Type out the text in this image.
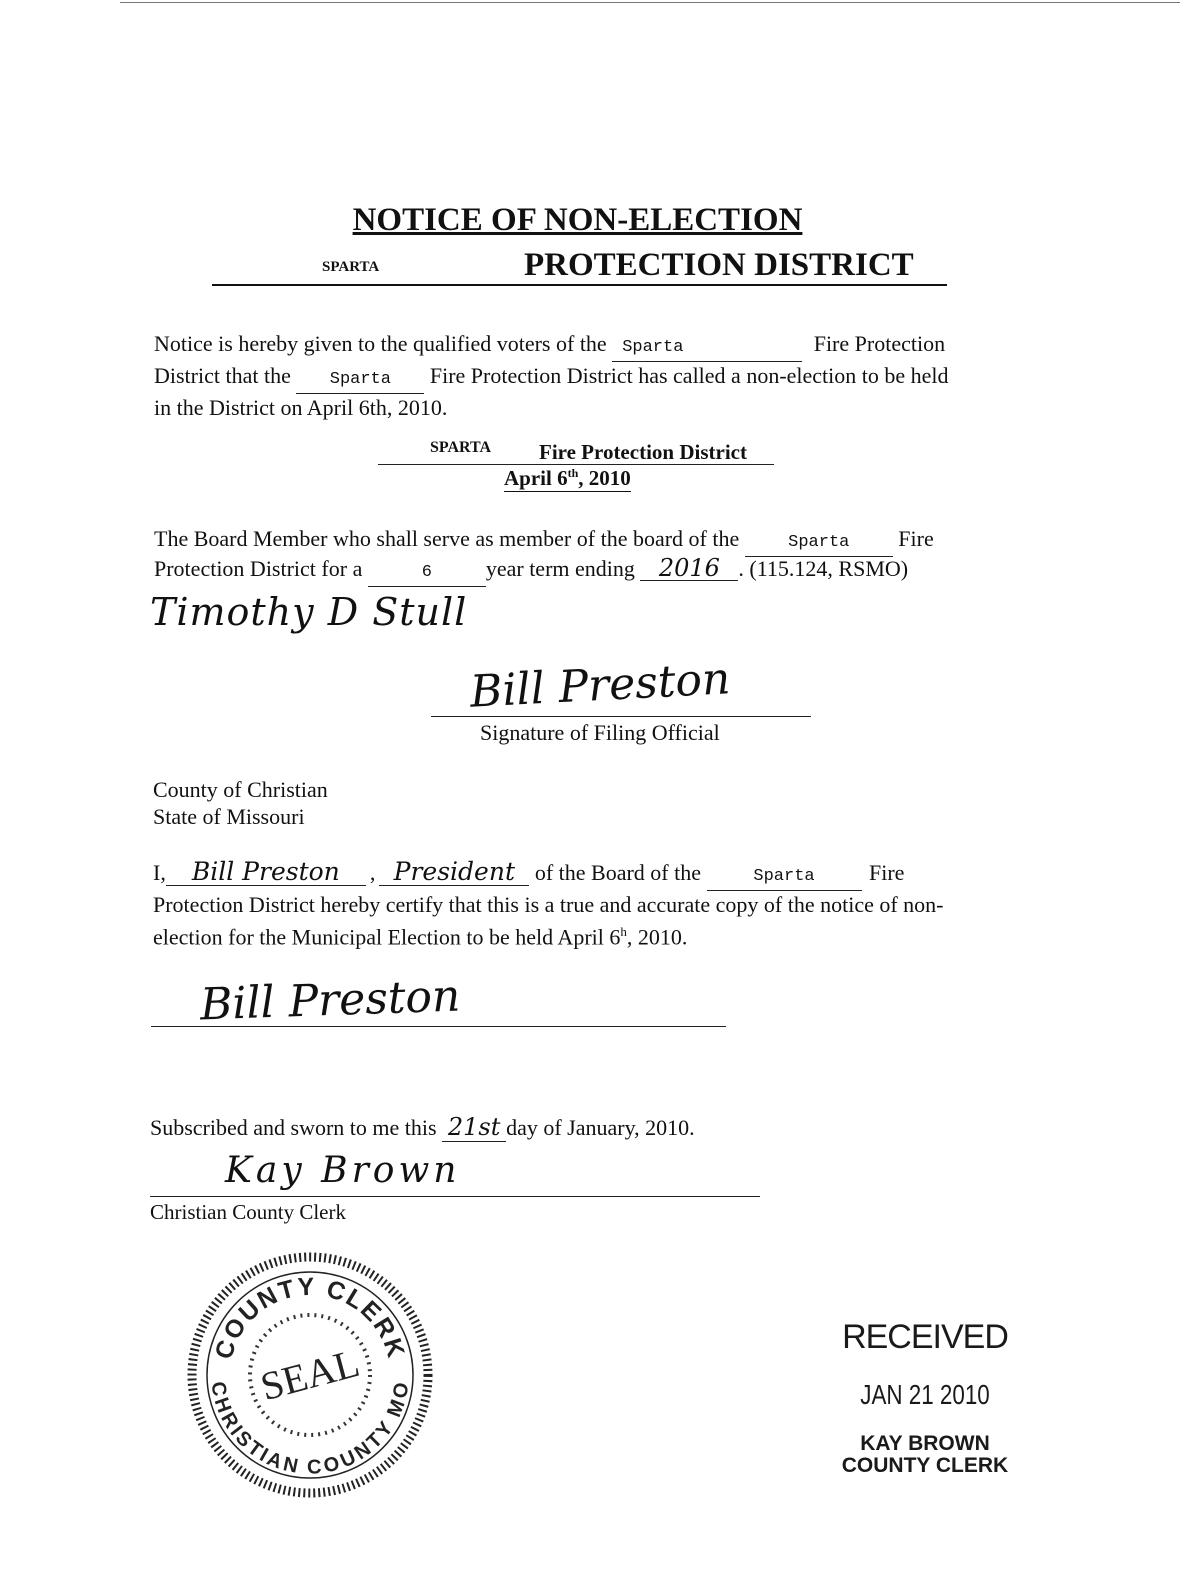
NOTICE OF NON-ELECTION
SPARTA	PROTECTION DISTRICT
Notice is hereby given to the qualified voters of the Sparta	Fire Protection
District that the Sparta Fire Protection District has called a non-election to be held
in the District on April 6th, 2010.
SPARTA Fire Protection District
April 6th, 2010
The Board Member who shall serve as member of the board of the	Sparta Fire
Protection District for a	6 year term ending 2016 . (115.124, RSMO)
Timothy D Stull
Bill Preston
Signature of Filing Official
County of Christian
State of Missouri
I, Bill Preston , President of the Board of the	Sparta Fire
Protection District hereby certify that this is a true and accurate copy of the notice of non-
election for the Municipal Election to be held April 6$^h$, 2010.
Bill Preston
Subscribed and sworn to me this 21st day of January, 2010.
Kay Brown
Christian County Clerk
COUNTY CLERK
CHRISTIAN COUNTY MO
SEAL
RECEIVED
JAN 21 2010
KAY BROWN
COUNTY CLERK
